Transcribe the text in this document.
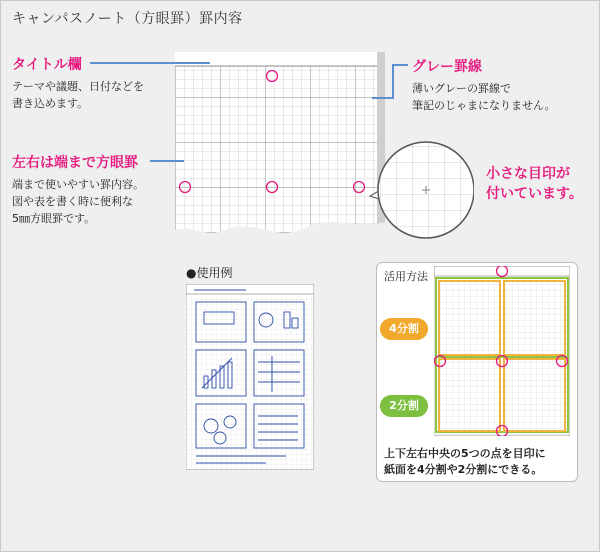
キャンパスノート（方眼罫）罫内容
タイトル欄
テーマや議題、日付などを
書き込めます。
グレー罫線
薄いグレーの罫線で
筆記のじゃまになりません。
左右は端まで方眼罫
端まで使いやすい罫内容。
図や表を書く時に便利な
5㎜方眼罫です。
小さな目印が
付いています。
●使用例	活用方法
4分割
2分割
上下左右中央の5つの点を目印に
紙面を4分割や2分割にできる。
